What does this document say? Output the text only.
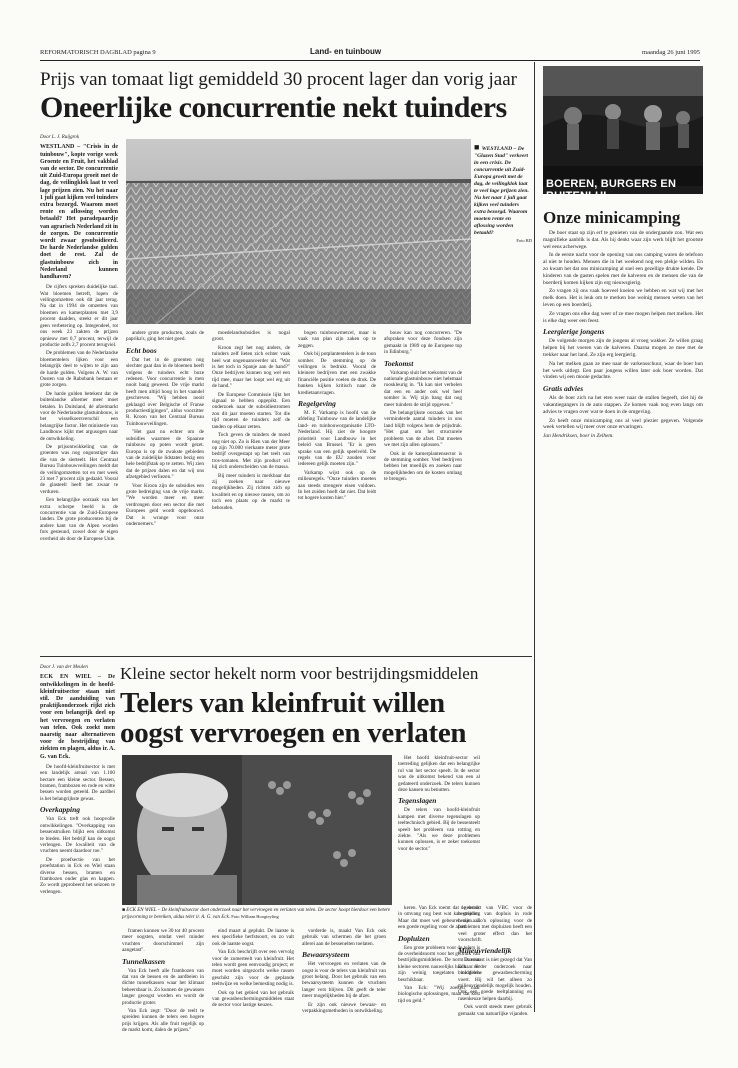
REFORMATORISCH DAGBLAD pagina 9	Land- en tuinbouw	maandag 26 juni 1995
Prijs van tomaat ligt gemiddeld 30 procent lager dan vorig jaar
Oneerlijke concurrentie nekt tuinders
■ WESTLAND – De "Glazen Stad" verkeert in een crisis. De concurrentie uit Zuid-Europa groeit met de dag, de veilingklok laat te veel lage prijzen zien. Nu het naar 1 juli gaat kijken veel tuinders extra bezorgd. Waarom moeten rente en aflossing worden betaald?
Foto RD
Door L. J. Ruijgrok
WESTLAND – "Crisis in de tuinbouw", kopte vorige week Groente en Fruit, het vakblad van de sector. De concurrentie uit Zuid-Europa groeit met de dag, de veilingklok laat te veel lage prijzen zien. Nu het naar 1 juli gaat kijken veel tuinders extra bezorgd. Waarom moet rente en aflossing worden betaald? Het paradepaardje van agrarisch Nederland zit in de zorgen. De concurrentie wordt zwaar gesubsidieerd. De harde Nederlandse gulden doet de rest. Zal de glastuinbouw zich in Nederland kunnen handhaven?

De cijfers spreken duidelijke taal. Wat bloemen betreft, lopen de veilingomzetten ook dit jaar terug. Na dat in 1994 de omzetten van bloemen en kamerplanten met 3,9 procent daalden, steekt er dit jaar geen verbetering op. Integendeel, tot ons week 23 zakten de prijzen opnieuw met 0,7 procent, terwijl de productie zelfs 2,7 procent terugviel.

De problemen van de Nederlandse bloementelers lijken voor een belangrijk deel te wijten te zijn aan de harde gulden. Volgens A. W. van Oosten van de Rabobank bestaan er grote zorgen.

De harde gulden betekent dat de buitenlandse afnemer meer moet betalen. In Duitsland, dé afzetmarkt voor de Nederlandse glastuinbouw, is het wisselkoersverschil een belangrijke factor. Het ministerie van Landbouw kijkt met argusogen naar de ontwikkeling.

De prijsontwikkeling van de groenten was nog ongunstiger dan die van de sierteelt. Het Centraal Bureau Tuinbouwveilingen meldt dat de veilingomzetten tot en met week 23 met 7 procent zijn gedaald. Vooral de glasteelt heeft het zwaar te verduren.

Een belangrijke oorzaak van het extra scherpe beeld is de concurrentie van de Zuid-Europese landen. De grote producenten bij de andere kant van de Alpen worden fors gesteund, zowel door de eigen overheid als door de Europese Unie.

andere grote producten, zoals de paprika's, ging het niet goed.

Echt boos

Dat het in de groenten nog slechter gaat dan in de bloemen heeft volgens de tuinders echt boze redenen. Voor concurrentie is men nooit bang geweest. De vrije markt heeft men altijd hoog in het vaandel geschreven. "Wij hebben nooit geklaagd over Belgische of Franse productiestijgingen", aldus voorzitter R. Kroon van het Centraal Bureau Tuinbouwveilingen.

"Het gaat nu echter om de subsidies waarmee de Spaanse tuinbouw op poten wordt gezet. Europa is op de zwakste gebieden van de zuidelijke lidstaten bezig een hele bedrijfstak op te zetten. Wij zien dat de prijzen dalen en dat wij ons afzetgebied verliezen."

Voor Kroon zijn de subsidies een grote bedreiging van de vrije markt. "We worden meer en meer verdrongen door een sector die met Europees geld wordt opgebouwd. Dat is wrange voor onze ondernemers."

moedelandsubsidies is nogal groot.

Kroon zegt het nog anders, de tuinders zelf lieten zich echter vaak heel wat ongenuanceerder uit. "Wat is het toch in Spanje aan de hand?" Onze bedrijven kunnen nog wel een tijd mee, maar het loopt wel erg uit de hand."

De Europese Commissie lijkt het signaal te hebben opgepikt. Een onderzoek naar de subsidiestromen zou dit jaar moeten starten. Tot die tijd moeten de tuinders zelf de tanden op elkaar zetten.

Toch geven de tuinders de moed nog niet op. Zo is Rien van der Meer op zijn 70.000 vierkante meter grote bedrijf overgestapt op het teelt van tros-tomaten. Met zijn product wil hij zich onderscheiden van de massa.

Bij meer tuinders is merkbaar dat zij zoeken naar nieuwe mogelijkheden. Zij richten zich op kwaliteit en op nieuwe rassen, om zo toch een plaats op de markt te behouden.

bogen tuinbouwmetcel, maar is vaak van plan zijn zaken op te zeggen.

Ook bij potplantentelers is de toon somber. De stemming op de veilingen is bedrukt. Vooral de kleinere bedrijven met een zwakke financiële positie voelen de druk. De banken kijken kritisch naar de kredietaanvragen.

Regelgeving

M. F. Varkamp is hoofd van de afdeling Tuinbouw van de landelijke land- en tuinbouworganisatie LTO-Nederland. Hij ziet de hoogste prioriteit voor Landbouw in het beleid van Brussel. "Er is geen sprake van een gelijk speelveld. De regels van de EU zouden voor iedereen gelijk moeten zijn."

Varkamp wijst ook op de milieuregels. "Onze tuinders moeten aan steeds strengere eisen voldoen. In het zuiden hoeft dat niet. Dat leidt tot hogere kosten hier."

bouw kan nog concurreren. "De afspraken voor deze fondsen zijn gemaakt in 1989 op de Europese top in Edinburg."

Toekomst

Varkamp sluit het toekomst van de nationale glastuinbouw niet helemaal rooskleurig in. "Ik kan niet verhelen dat een en ander ook wel heel somber is. Wij zijn bang dat nog meer tuinders de strijd opgeven."

De belangrijkste oorzaak van het verminderde aantal tuinders in ons land blijft volgens hem de prijsdruk. "Het gaat om het structurele probleem van de afzet. Dat moeten we met zijn allen oplossen."

Ook in de kamerplantensector is de stemming somber. Veel bedrijven hebben het moeilijk en zoeken naar mogelijkheden om de kosten omlaag te brengen.

BOEREN, BURGERS EN BUITENLUI
Onze minicamping

De boer staat op zijn erf te genieten van de ondergaande zon. Wat een magnifieke aanblik is dat. Als hij denkt waar zijn werk blijft het grootste wel eens acherwege.

In de eerste nacht voor de opening van ons camping waren de telefoon al niet te houden. Mensen die in het weekend nog een plekje wilden. En zo kwam het dat ons minicamping al snel een gezellige drukte kende. De kinderen van de gasten spelen met de kalveren en de mensen die van de boerderij komen kijken zijn erg nieuwsgierig.

Zo vragen zij ons vaak hoeveel koeien we hebben en wat wij met het melk doen. Het is leuk om te merken hoe weinig mensen weten van het leven op een boerderij.

Ze vragen ons elke dag weer of ze mee mogen helpen met melken. Het is elke dag weer een feest.

Leergierige jongens

De volgende morgen zijn de jongens al vroeg wakker. Ze willen graag helpen bij het voeren van de kalveren. Daarna mogen ze mee met de trekker naar het land. Ze zijn erg leergierig.

Na het melken gaan ze mee naar de varkensschuur, waar de boer hun het werk uitlegt. Een paar jongens willen later ook boer worden. Dat vinden wij een mooie gedachte.

Gratis advies

Als de boer zich na het eten weer naar de stallen begeeft, ziet hij de vakantiegangers in de auto stappen. Ze komen vaak nog even langs om advies te vragen over wat te doen in de omgeving.

Zo heeft onze minicamping ons al veel plezier gegeven. Volgende week vertellen wij meer over onze ervaringen.

Jan Hendriksen, boer in Zelhem.

Kleine sector hekelt norm voor bestrijdingsmiddelen
Telers van kleinfruit willen oogst vervroegen en verlaten
Door J. van der Meulen
ECK EN WIEL – De ontwikkelingen in de hoofd-kleinfruitsector staan niet stil. De aanduiding van praktijkonderzoek rijkt zich voor een belangrijk deel op het vervroegen en verlaten van telen. Ook zoekt men naarstig naar alternatieven voor de bestrijding van ziekten en plagen, aldus ir. A. G. van Eck.

De hoofd-kleinfruitsector is met een landelijk areaal van 1.100 hectare een kleine sector. Bessen, bramen, frambozen en rode en witte bessen worden geteeld. De aardbei is het belangrijkste gewas.

Overkapping

Van Eck treft ook hoopvolle ontwikkelingen. "Overkapping van bessenstruiken blijkt een uitkomst te bieden. Het bedrijf kan de oogst verlengen. De kwaliteit van de vruchten neemt daardoor toe."

De proefsectie van het proefstation in Eck en Wiel staan diverse bessen, bramen en frambozen onder glas en kappen. Zo wordt geprobeerd het seizoen te verlengen.

■ ECK EN WIEL – De kleinfruitsector doet onderzoek naar het vervroegen en verlaten van telen. De sector hoopt hierdoor een betere prijsvorming te bereiken, aldus teler ir. A. G. van Eck. Foto William Hoogteyling

framen kunnen we 30 tot 40 procent meer oogsten, omdat veel minder vruchten doorschimmel zijn aangetast".

Tunnelkassen

Van Eck heeft alle frambozen van dat van de bessen en de aardbeien in dichte tunnelkassen waar het klimaat beheersbaar is. Zo kunnen de gewassen langer geoogst worden en wordt de productie groter.

Van Eck zegt: "Door de teelt te spreiden kunnen de telers een hogere prijs krijgen. Als alle fruit tegelijk op de markt komt, dalen de prijzen."

eind maart al geplukt. De laatste is een specifieke herfstsoort, en zo valt ook de laatste oogst.

Van Eck beschrijft over een vervolg voor de zomerteelt van kleinfruit. Het telen wordt geen eenvoudig project; er moet worden uitgezocht welke rassen geschikt zijn voor de geplande teeltwijze en welke bemesting nodig is.

Ook op het gebied van het gebruik van gewasbeschermingsmiddelen staat de sector voor lastige keuzes.

vorderde is, maakt Van Eck ook gebruik van schermen die het groen allerei aan de bessenelten toelaten.

Bewaarsysteem

Het vervroegen en verlaten van de oogst is voor de telers van kleinfruit van groot belang. Door het gebruik van een bewaarsysteem kunnen de vruchten langer vers blijven. Dit geeft de teler meer mogelijkheden bij de afzet.

Er zijn ook nieuwe bewaar- en verpakkingsmethoden in ontwikkeling.

Het hoofd kleinfruit-sector wil toetreding gelijken dat een belangrijke rol van het sector speelt. In de sector was de uitkomst bekend van een al gedateerd onderzoek. De telers kunnen deze kansen nu benutten.

Tegenslagen

De telers van hoofd-kleinfruit kampen met diverse tegenslagen op teeltechnisch gebied. Bij de bessenteelt speelt het probleem van rotting en ziekte. "Als we deze problemen kunnen oplossen, is er zeker toekomst voor de sector."

keren. Van Eck roemt dat de sector in omvang nog best wat kan groeien. Maar dat moet wel gebeuren zijn aan een goede regeling voor de afzet.

Dopluizen

Een grote probleem voor de telers is de overheidsnorm voor het gebruik van bestrijdingsmiddelen. De norm is voor kleine sectoren nauwelijks haalbaar. Er zijn weinig toegelaten middelen beschikbaar.

Van Eck: "Wij zoeken naar biologische oplossingen, maar dat kost tijd en geld."

gebruikt van VBC voor de bestrijding van dopluis in rode bessen. Zo'n oplossing voor de problemen met dopluizen heeft een veel groter effect dan het voorschrift.

Milieuvriendelijk

Daarnaast is niet gezegd dat Van Eck verder onderzoek naar biologische gewasbescherming voert. Hij wil het alleen zo milieuvriendelijk mogelijk houden. Ook een goede teeltplanning en rasenkeuze helpen daarbij.

Ook wordt steeds meer gebruik gemaakt van natuurlijke vijanden.
